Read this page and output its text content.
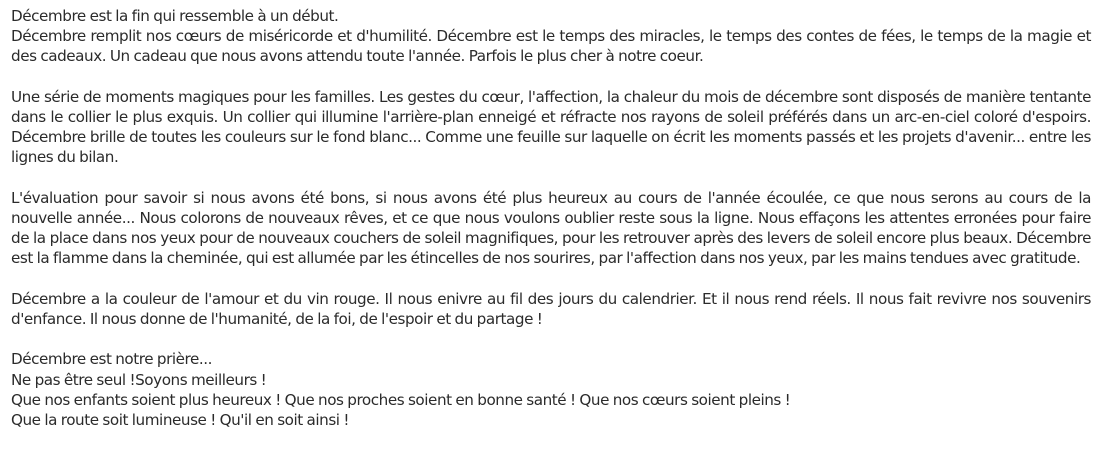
Décembre est la fin qui ressemble à un début.
Décembre remplit nos cœurs de miséricorde et d'humilité. Décembre est le temps des miracles, le temps des contes de fées, le temps de la magie et des cadeaux. Un cadeau que nous avons attendu toute l'année. Parfois le plus cher à notre coeur.
Une série de moments magiques pour les familles. Les gestes du cœur, l'affection, la chaleur du mois de décembre sont disposés de manière tentante dans le collier le plus exquis. Un collier qui illumine l'arrière-plan enneigé et réfracte nos rayons de soleil préférés dans un arc-en-ciel coloré d'espoirs. Décembre brille de toutes les couleurs sur le fond blanc... Comme une feuille sur laquelle on écrit les moments passés et les projets d'avenir... entre les lignes du bilan.
L'évaluation pour savoir si nous avons été bons, si nous avons été plus heureux au cours de l'année écoulée, ce que nous serons au cours de la nouvelle année... Nous colorons de nouveaux rêves, et ce que nous voulons oublier reste sous la ligne. Nous effaçons les attentes erronées pour faire de la place dans nos yeux pour de nouveaux couchers de soleil magnifiques, pour les retrouver après des levers de soleil encore plus beaux. Décembre est la flamme dans la cheminée, qui est allumée par les étincelles de nos sourires, par l'affection dans nos yeux, par les mains tendues avec gratitude.
Décembre a la couleur de l'amour et du vin rouge. Il nous enivre au fil des jours du calendrier. Et il nous rend réels. Il nous fait revivre nos souvenirs d'enfance. Il nous donne de l'humanité, de la foi, de l'espoir et du partage !
Décembre est notre prière...
Ne pas être seul !Soyons meilleurs !
Que nos enfants soient plus heureux ! Que nos proches soient en bonne santé ! Que nos cœurs soient pleins !
Que la route soit lumineuse ! Qu'il en soit ainsi !
